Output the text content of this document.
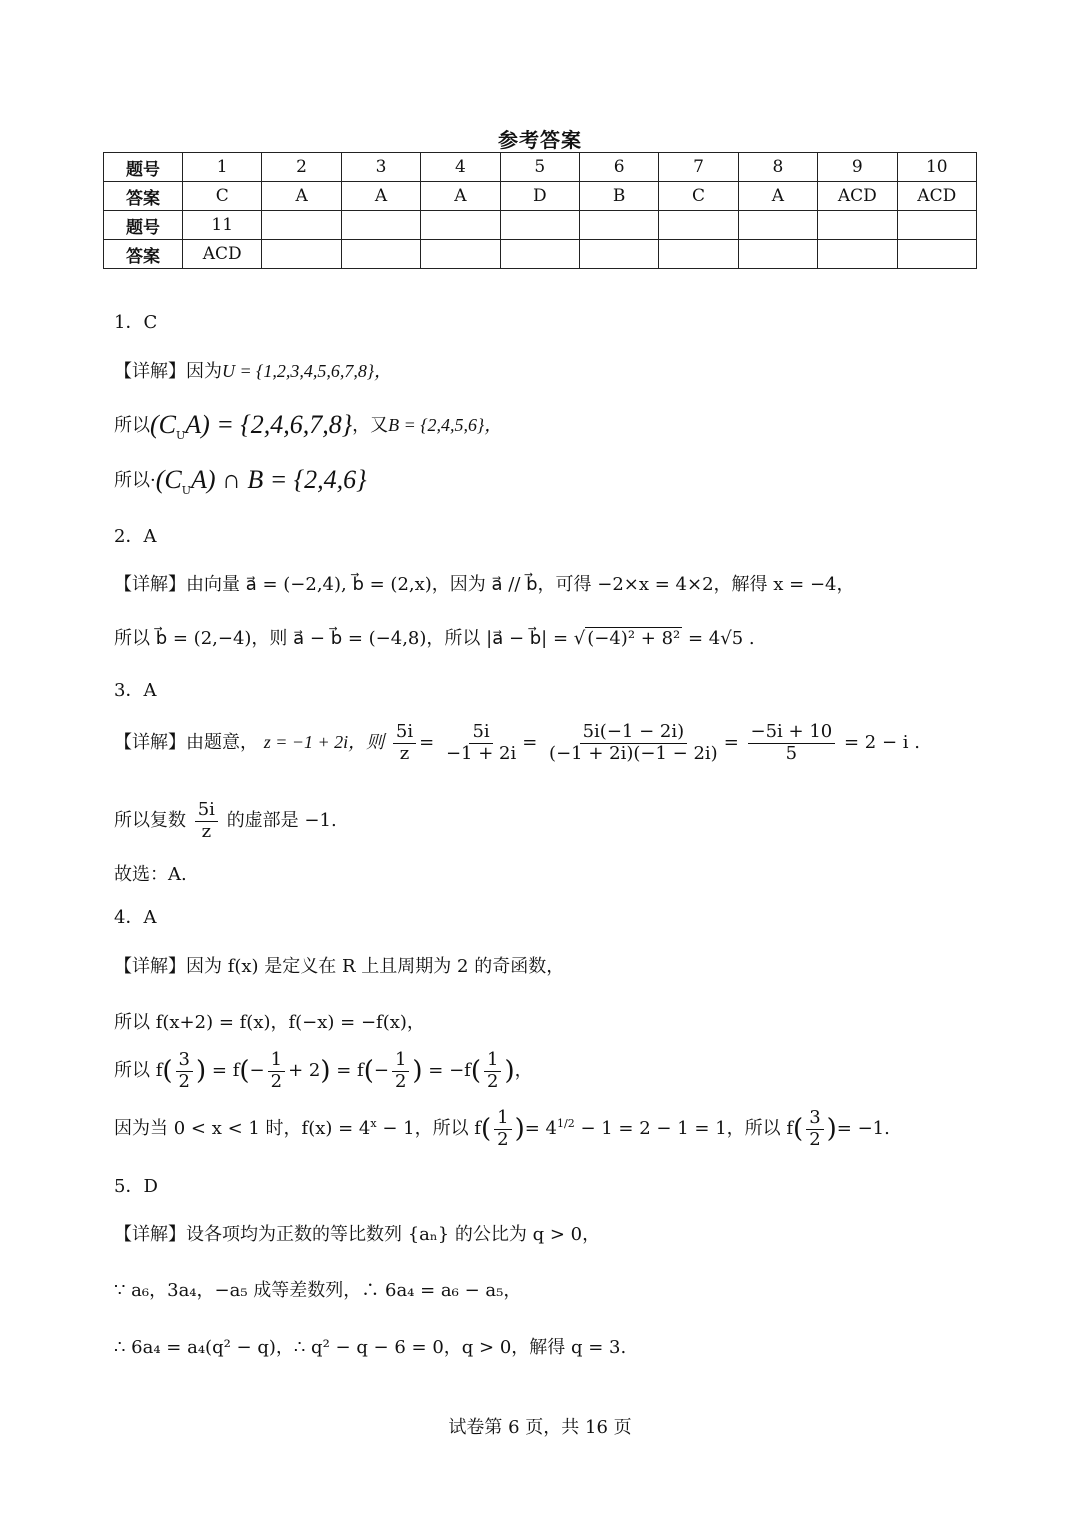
参考答案
题号	1	2	3	4	5	6	7	8	9	10
答案	C	A	A	A	D	B	C	A	ACD	ACD
题号	11									
答案	ACD									
1．C
【详解】因为U = {1,2,3,4,5,6,7,8}，
所以$(C_UA) = \{2,4,6,7,8\}$，又B = {2,4,5,6}，
所以$\cdot(C_UA)$ ∩ B = {2,4,6}
2．A
【详解】由向量 a⃗ = (−2,4), b⃗ = (2,x)，因为 a⃗ // b⃗，可得 −2×x = 4×2，解得 x = −4，
所以 b⃗ = (2,−4)，则 a⃗ − b⃗ = (−4,8)，所以 |a⃗ − b⃗| = √ (−4)² + 8² = 4√5 .
3．A
【详解】由题意， z = −1 + 2i，则 $\frac{5i}{z} = \frac{5i}{-1 + 2i} = \frac{5i(-1 - 2i)}{(-1 + 2i)(-1 - 2i)} = \frac{-5i + 10}{5} = 2 - i$ .
所以复数 $\frac{5i}{z}$ 的虚部是 −1.
故选：A.
4．A
【详解】因为 f(x) 是定义在 R 上且周期为 2 的奇函数，
所以 f(x+2) = f(x)，f(−x) = −f(x)，
所以 $f( \frac{3}{2}$ ) = $f(- \frac{1}{2} + 2) = f(- \frac{1}{2}$ ) = $-f( \frac{1}{2}$ )，
因为当 0 < x < 1 时，$f(x) = 4^x - 1$，所以 $f( \frac{1}{2}$ )= $4^{1/2} - 1 = 2 - 1 = 1$，所以 $f( \frac{3}{2}$ )= −1.
5．D
【详解】设各项均为正数的等比数列 {aₙ} 的公比为 q > 0，
∵ a₆，3a₄，−a₅ 成等差数列，∴ 6a₄ = a₆ − a₅，
∴ 6a₄ = a₄(q² − q)，∴ q² − q − 6 = 0，q > 0，解得 q = 3.
试卷第 6 页，共 16 页
